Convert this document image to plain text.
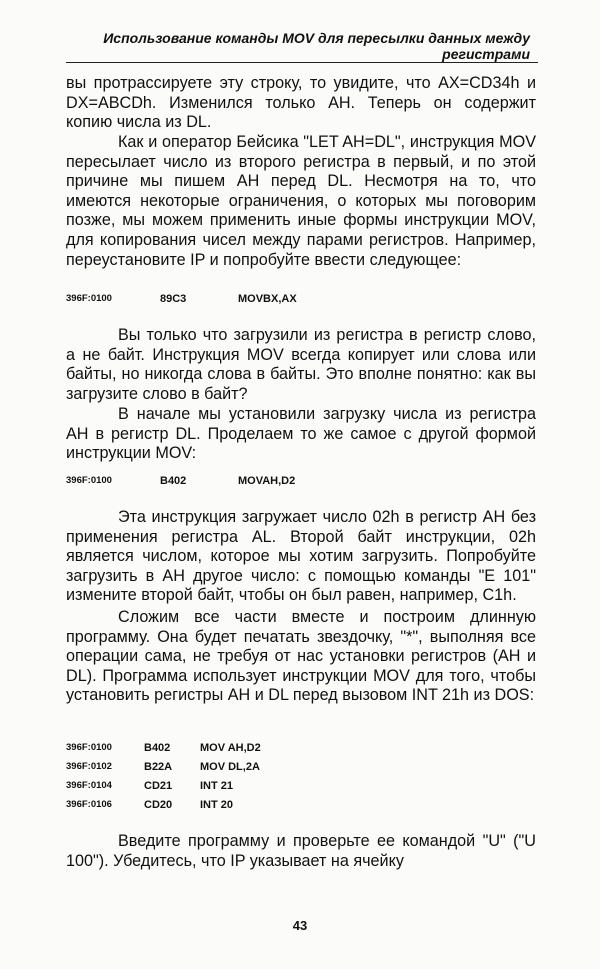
Использование команды MOV для пересылки данных между
регистрами

вы протрассируете эту строку, то увидите, что AX=CD34h и DX=ABCDh. Изменился только AH. Теперь он содержит копию числа из DL.

Как и оператор Бейсика "LET AH=DL", инструкция MOV пересылает число из второго регистра в первый, и по этой причине мы пишем AH перед DL. Несмотря на то, что имеются некоторые ограничения, о которых мы поговорим позже, мы можем применить иные формы инструкции MOV, для копирования чисел между парами регистров. Например, переустановите IP и попробуйте ввести следующее:

396F:0100	89C3	MOVBX,AX

Вы только что загрузили из регистра в регистр слово, а не байт. Инструкция MOV всегда копирует или слова или байты, но никогда слова в байты. Это вполне понятно: как вы загрузите слово в байт?

В начале мы установили загрузку числа из регистра AH в регистр DL. Проделаем то же самое с другой формой инструкции MOV:

396F:0100	B402	MOVAH,D2

Эта инструкция загружает число 02h в регистр AH без применения регистра AL. Второй байт инструкции, 02h является числом, которое мы хотим загрузить. Попробуйте загрузить в AH другое число: с помощью команды "E 101" измените второй байт, чтобы он был равен, например, C1h.

Сложим все части вместе и построим длинную программу. Она будет печатать звездочку, "*", выполняя все операции сама, не требуя от нас установки регистров (AH и DL). Программа использует инструкции MOV для того, чтобы установить регистры AH и DL перед вызовом INT 21h из DOS:

396F:0100	B402	MOV AH,D2
396F:0102	B22A	MOV DL,2A
396F:0104	CD21	INT 21
396F:0106	CD20	INT 20

Введите программу и проверьте ее командой "U" ("U 100"). Убедитесь, что IP указывает на ячейку

43
